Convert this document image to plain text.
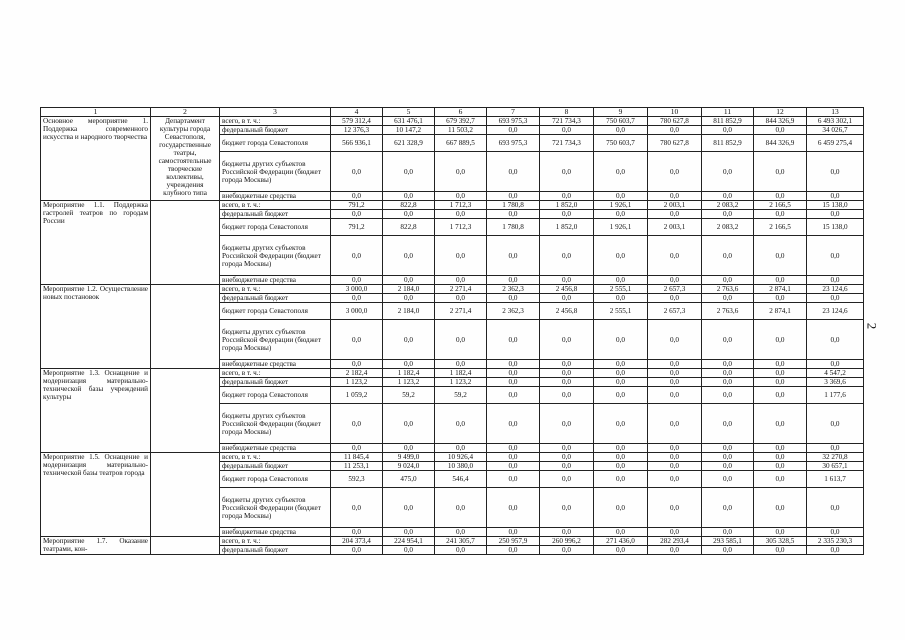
1	2	3	4	5	6	7	8	9	10	11	12	13
Основное мероприятие 1. Поддержка современного искусства и народного творчества	Департамент культуры города Севастополя, государственные театры, самостоятельные творческие коллективы, учреждения клубного типа	всего, в т. ч.:	579 312,4	631 476,1	679 392,7	693 975,3	721 734,3	750 603,7	780 627,8	811 852,9	844 326,9	6 493 302,1
		федеральный бюджет	12 376,3	10 147,2	11 503,2	0,0	0,0	0,0	0,0	0,0	0,0	34 026,7
		бюджет города Севастополя	566 936,1	621 328,9	667 889,5	693 975,3	721 734,3	750 603,7	780 627,8	811 852,9	844 326,9	6 459 275,4
		бюджеты других субъектов Российской Федерации (бюджет города Москвы)	0,0	0,0	0,0	0,0	0,0	0,0	0,0	0,0	0,0	0,0
		внебюджетные средства	0,0	0,0	0,0	0,0	0,0	0,0	0,0	0,0	0,0	0,0
Мероприятие 1.1. Поддержка гастролей театров по городам России		всего, в т. ч.:	791,2	822,8	1 712,3	1 780,8	1 852,0	1 926,1	2 003,1	2 083,2	2 166,5	15 138,0
		федеральный бюджет	0,0	0,0	0,0	0,0	0,0	0,0	0,0	0,0	0,0	0,0
		бюджет города Севастополя	791,2	822,8	1 712,3	1 780,8	1 852,0	1 926,1	2 003,1	2 083,2	2 166,5	15 138,0
		бюджеты других субъектов Российской Федерации (бюджет города Москвы)	0,0	0,0	0,0	0,0	0,0	0,0	0,0	0,0	0,0	0,0
		внебюджетные средства	0,0	0,0	0,0	0,0	0,0	0,0	0,0	0,0	0,0	0,0
Мероприятие 1.2. Осуществление новых постановок		всего, в т. ч.:	3 000,0	2 184,0	2 271,4	2 362,3	2 456,8	2 555,1	2 657,3	2 763,6	2 874,1	23 124,6
		федеральный бюджет	0,0	0,0	0,0	0,0	0,0	0,0	0,0	0,0	0,0	0,0
		бюджет города Севастополя	3 000,0	2 184,0	2 271,4	2 362,3	2 456,8	2 555,1	2 657,3	2 763,6	2 874,1	23 124,6
		бюджеты других субъектов Российской Федерации (бюджет города Москвы)	0,0	0,0	0,0	0,0	0,0	0,0	0,0	0,0	0,0	0,0
		внебюджетные средства	0,0	0,0	0,0	0,0	0,0	0,0	0,0	0,0	0,0	0,0
Мероприятие 1.3. Оснащение и модернизация материально-технической базы учреждений культуры		всего, в т. ч.:	2 182,4	1 182,4	1 182,4	0,0	0,0	0,0	0,0	0,0	0,0	4 547,2
		федеральный бюджет	1 123,2	1 123,2	1 123,2	0,0	0,0	0,0	0,0	0,0	0,0	3 369,6
		бюджет города Севастополя	1 059,2	59,2	59,2	0,0	0,0	0,0	0,0	0,0	0,0	1 177,6
		бюджеты других субъектов Российской Федерации (бюджет города Москвы)	0,0	0,0	0,0	0,0	0,0	0,0	0,0	0,0	0,0	0,0
		внебюджетные средства	0,0	0,0	0,0	0,0	0,0	0,0	0,0	0,0	0,0	0,0
Мероприятие 1.5. Оснащение и модернизация материально-технической базы театров города		всего, в т. ч.:	11 845,4	9 499,0	10 926,4	0,0	0,0	0,0	0,0	0,0	0,0	32 270,8
		федеральный бюджет	11 253,1	9 024,0	10 380,0	0,0	0,0	0,0	0,0	0,0	0,0	30 657,1
		бюджет города Севастополя	592,3	475,0	546,4	0,0	0,0	0,0	0,0	0,0	0,0	1 613,7
		бюджеты других субъектов Российской Федерации (бюджет города Москвы)	0,0	0,0	0,0	0,0	0,0	0,0	0,0	0,0	0,0	0,0
		внебюджетные средства	0,0	0,0	0,0	0,0	0,0	0,0	0,0	0,0	0,0	0,0
Мероприятие 1.7. Оказание театрами, кон-		всего, в т. ч.:	204 373,4	224 954,1	241 305,7	250 957,9	260 996,2	271 436,0	282 293,4	293 585,1	305 328,5	2 335 230,3
		федеральный бюджет	0,0	0,0	0,0	0,0	0,0	0,0	0,0	0,0	0,0	0,0
2
